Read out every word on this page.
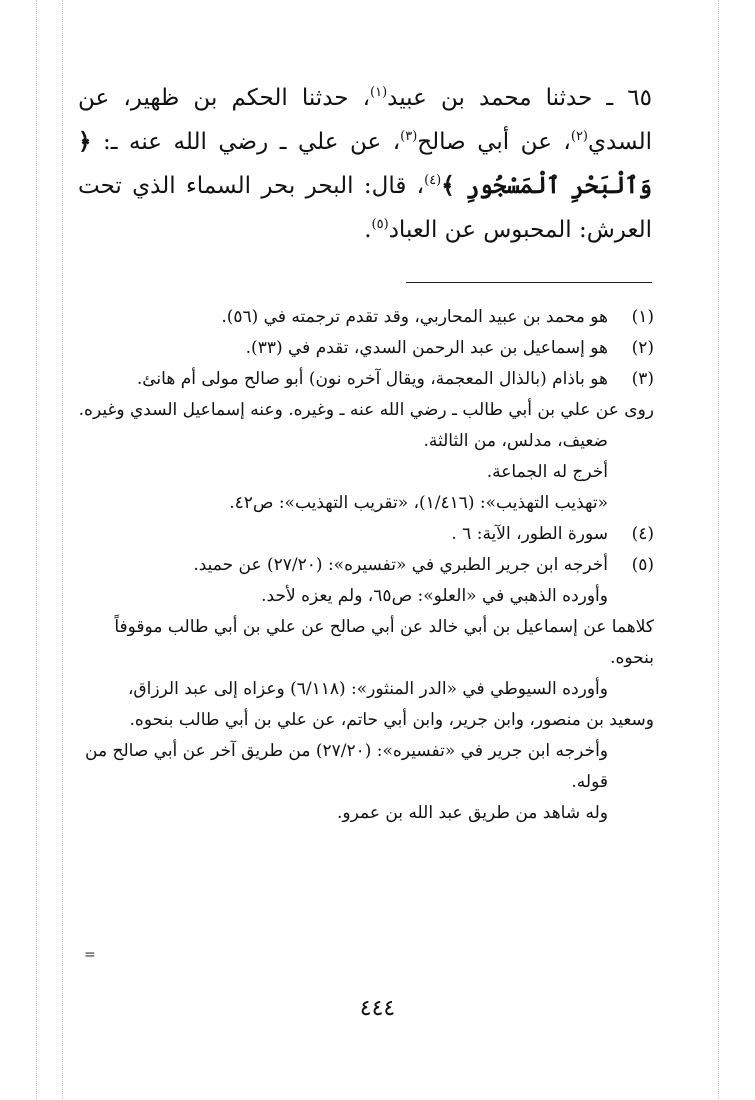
٦٥ ـ حدثنا محمد بن عبيد$^{(١)}$، حدثنا الحكم بن ظهير، عن السدي$^{(٢)}$، عن أبي صالح$^{(٣)}$، عن علي ـ رضي الله عنه ـ: ﴿ وَٱلْبَحْرِ ٱلْمَسْجُورِ ﴾$^{(٤)}$، قال: البحر بحر السماء الذي تحت العرش: المحبوس عن العباد$^{(٥)}$.

(١)

هو محمد بن عبيد المحاربي، وقد تقدم ترجمته في (٥٦).

(٢)

هو إسماعيل بن عبد الرحمن السدي، تقدم في (٣٣).

(٣)

هو باذام (بالذال المعجمة، ويقال آخره نون) أبو صالح مولى أم هانئ.

روى عن علي بن أبي طالب ـ رضي الله عنه ـ وغيره. وعنه إسماعيل السدي وغيره.

ضعيف، مدلس، من الثالثة.

أخرج له الجماعة.

«تهذيب التهذيب»: (١/٤١٦)، «تقريب التهذيب»: ص٤٢.

(٤)

سورة الطور، الآية: ٦ .

(٥)

أخرجه ابن جرير الطبري في «تفسيره»: (٢٧/٢٠) عن حميد.

وأورده الذهبي في «العلو»: ص٦٥، ولم يعزه لأحد.

كلاهما عن إسماعيل بن أبي خالد عن أبي صالح عن علي بن أبي طالب موقوفاً بنحوه.

وأورده السيوطي في «الدر المنثور»: (٦/١١٨) وعزاه إلى عبد الرزاق،

وسعيد بن منصور، وابن جرير، وابن أبي حاتم، عن علي بن أبي طالب بنحوه.

وأخرجه ابن جرير في «تفسيره»: (٢٧/٢٠) من طريق آخر عن أبي صالح من قوله.

وله شاهد من طريق عبد الله بن عمرو.

=
٤٤٤
